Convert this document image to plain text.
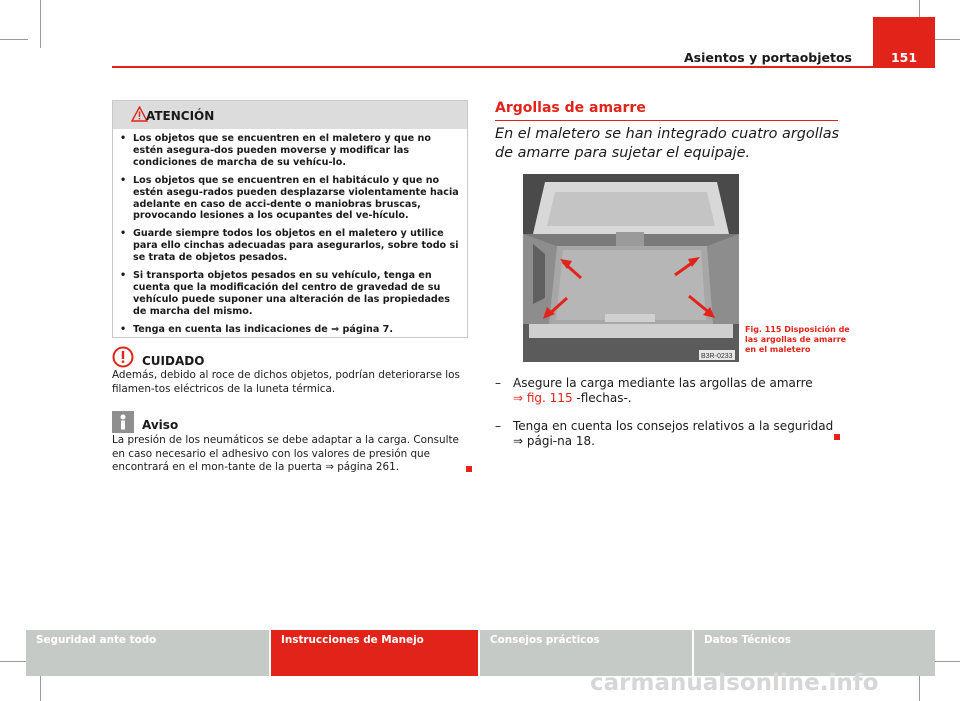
Asientos y portaobjetos	151
ATENCIÓN
• Los objetos que se encuentren en el maletero y que no estén asegura-dos pueden moverse y modificar las condiciones de marcha de su vehícu-lo.
• Los objetos que se encuentren en el habitáculo y que no estén asegu-rados pueden desplazarse violentamente hacia adelante en caso de acci-dente o maniobras bruscas, provocando lesiones a los ocupantes del ve-hículo.
• Guarde siempre todos los objetos en el maletero y utilice para ello cinchas adecuadas para asegurarlos, sobre todo si se trata de objetos pesados.
• Si transporta objetos pesados en su vehículo, tenga en cuenta que la modificación del centro de gravedad de su vehículo puede suponer una alteración de las propiedades de marcha del mismo.
• Tenga en cuenta las indicaciones de ⇒ página 7.
CUIDADO
Además, debido al roce de dichos objetos, podrían deteriorarse los filamen-tos eléctricos de la luneta térmica.
Aviso
La presión de los neumáticos se debe adaptar a la carga. Consulte en caso necesario el adhesivo con los valores de presión que encontrará en el mon-tante de la puerta ⇒ página 261.
Argollas de amarre
En el maletero se han integrado cuatro argollas de amarre para sujetar el equipaje.
B3R-0233
Fig. 115 Disposición de las argollas de amarre en el maletero
–	Asegure la carga mediante las argollas de amarre
⇒ fig. 115 -flechas-.
–	Tenga en cuenta los consejos relativos a la seguridad ⇒ pági-na 18.
Seguridad ante todo	Instrucciones de Manejo	Consejos prácticos	Datos Técnicos
carmanualsonline.info
